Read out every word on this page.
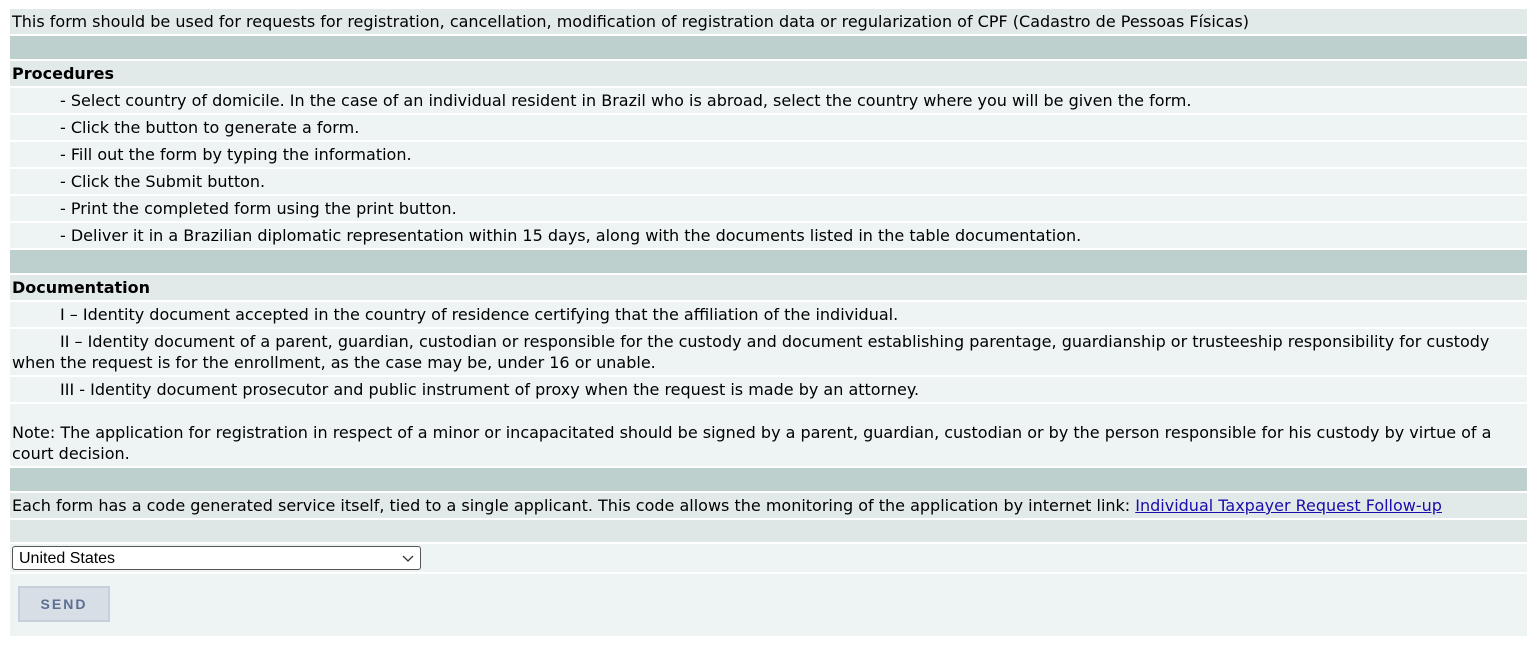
This form should be used for requests for registration, cancellation, modification of registration data or regularization of CPF (Cadastro de Pessoas Físicas)
Procedures
- Select country of domicile. In the case of an individual resident in Brazil who is abroad, select the country where you will be given the form.
- Click the button to generate a form.
- Fill out the form by typing the information.
- Click the Submit button.
- Print the completed form using the print button.
- Deliver it in a Brazilian diplomatic representation within 15 days, along with the documents listed in the table documentation.
Documentation
I – Identity document accepted in the country of residence certifying that the affiliation of the individual.
II – Identity document of a parent, guardian, custodian or responsible for the custody and document establishing parentage, guardianship or trusteeship responsibility for custody when the request is for the enrollment, as the case may be, under 16 or unable.
III - Identity document prosecutor and public instrument of proxy when the request is made by an attorney.
Note: The application for registration in respect of a minor or incapacitated should be signed by a parent, guardian, custodian or by the person responsible for his custody by virtue of a court decision.
Each form has a code generated service itself, tied to a single applicant. This code allows the monitoring of the application by internet link: Individual Taxpayer Request Follow-up
United States
SEND
